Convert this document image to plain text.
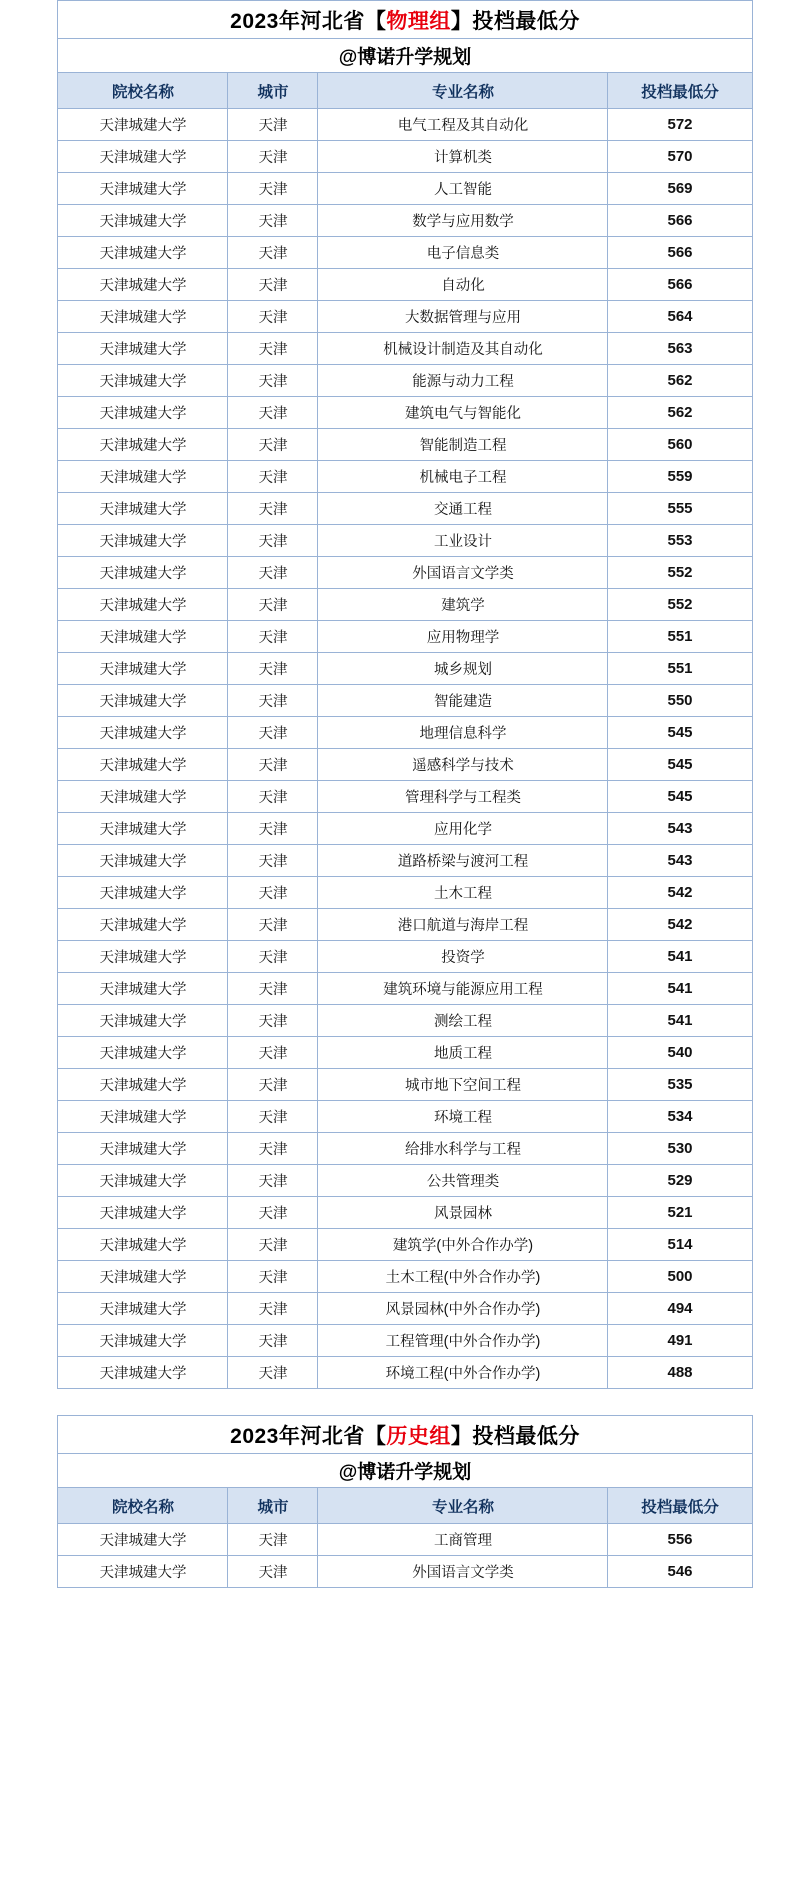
2023年河北省【物理组】投档最低分			
@博诺升学规划			
院校名称	城市	专业名称	投档最低分
天津城建大学	天津	电气工程及其自动化	572
天津城建大学	天津	计算机类	570
天津城建大学	天津	人工智能	569
天津城建大学	天津	数学与应用数学	566
天津城建大学	天津	电子信息类	566
天津城建大学	天津	自动化	566
天津城建大学	天津	大数据管理与应用	564
天津城建大学	天津	机械设计制造及其自动化	563
天津城建大学	天津	能源与动力工程	562
天津城建大学	天津	建筑电气与智能化	562
天津城建大学	天津	智能制造工程	560
天津城建大学	天津	机械电子工程	559
天津城建大学	天津	交通工程	555
天津城建大学	天津	工业设计	553
天津城建大学	天津	外国语言文学类	552
天津城建大学	天津	建筑学	552
天津城建大学	天津	应用物理学	551
天津城建大学	天津	城乡规划	551
天津城建大学	天津	智能建造	550
天津城建大学	天津	地理信息科学	545
天津城建大学	天津	遥感科学与技术	545
天津城建大学	天津	管理科学与工程类	545
天津城建大学	天津	应用化学	543
天津城建大学	天津	道路桥梁与渡河工程	543
天津城建大学	天津	土木工程	542
天津城建大学	天津	港口航道与海岸工程	542
天津城建大学	天津	投资学	541
天津城建大学	天津	建筑环境与能源应用工程	541
天津城建大学	天津	测绘工程	541
天津城建大学	天津	地质工程	540
天津城建大学	天津	城市地下空间工程	535
天津城建大学	天津	环境工程	534
天津城建大学	天津	给排水科学与工程	530
天津城建大学	天津	公共管理类	529
天津城建大学	天津	风景园林	521
天津城建大学	天津	建筑学(中外合作办学)	514
天津城建大学	天津	土木工程(中外合作办学)	500
天津城建大学	天津	风景园林(中外合作办学)	494
天津城建大学	天津	工程管理(中外合作办学)	491
天津城建大学	天津	环境工程(中外合作办学)	488
2023年河北省【历史组】投档最低分			
@博诺升学规划			
院校名称	城市	专业名称	投档最低分
天津城建大学	天津	工商管理	556
天津城建大学	天津	外国语言文学类	546
